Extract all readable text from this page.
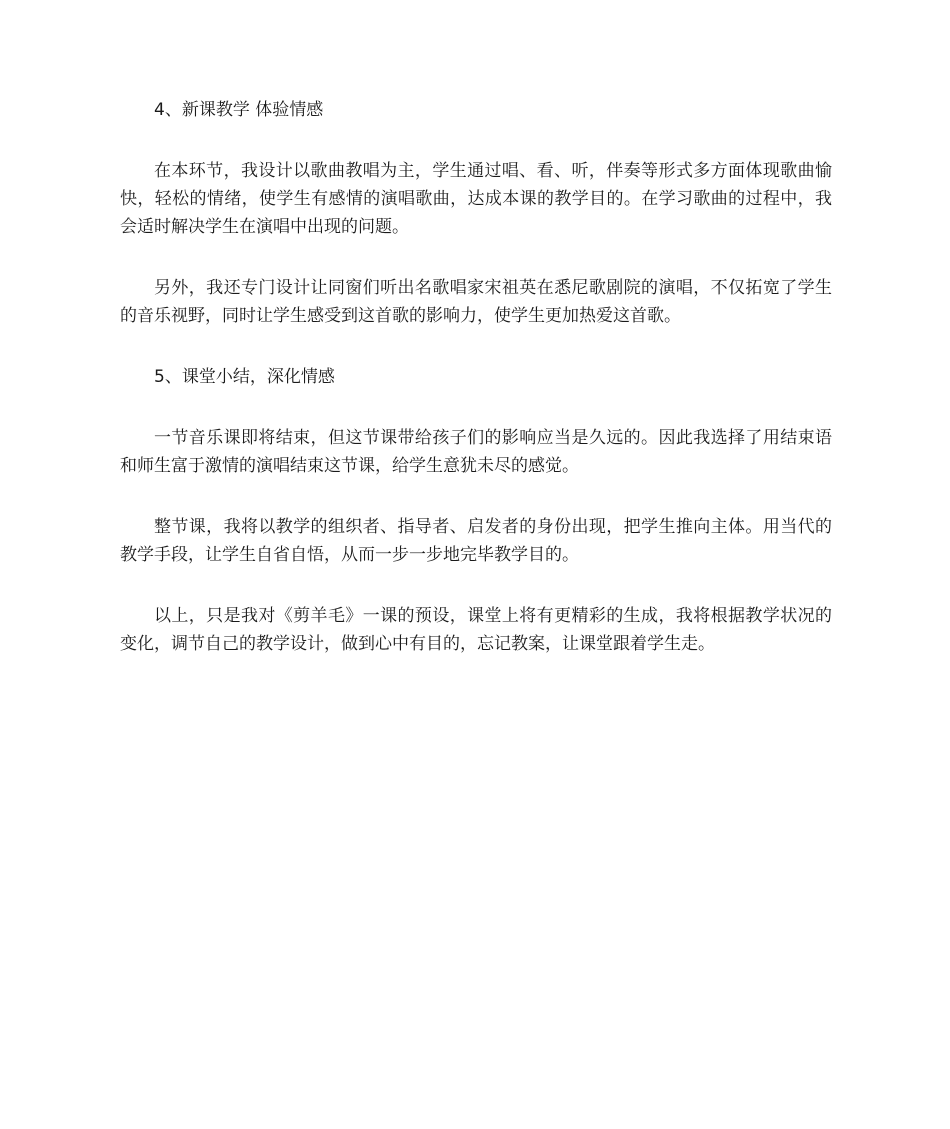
4、新课教学 体验情感

在本环节，我设计以歌曲教唱为主，学生通过唱、看、听，伴奏等形式多方面体现歌曲愉快，轻松的情绪，使学生有感情的演唱歌曲，达成本课的教学目的。在学习歌曲的过程中，我会适时解决学生在演唱中出现的问题。

另外，我还专门设计让同窗们听出名歌唱家宋祖英在悉尼歌剧院的演唱，不仅拓宽了学生的音乐视野，同时让学生感受到这首歌的影响力，使学生更加热爱这首歌。

5、课堂小结，深化情感

一节音乐课即将结束，但这节课带给孩子们的影响应当是久远的。因此我选择了用结束语和师生富于激情的演唱结束这节课，给学生意犹未尽的感觉。

整节课，我将以教学的组织者、指导者、启发者的身份出现，把学生推向主体。用当代的教学手段，让学生自省自悟，从而一步一步地完毕教学目的。

以上，只是我对《剪羊毛》一课的预设，课堂上将有更精彩的生成，我将根据教学状况的变化，调节自己的教学设计，做到心中有目的，忘记教案，让课堂跟着学生走。
